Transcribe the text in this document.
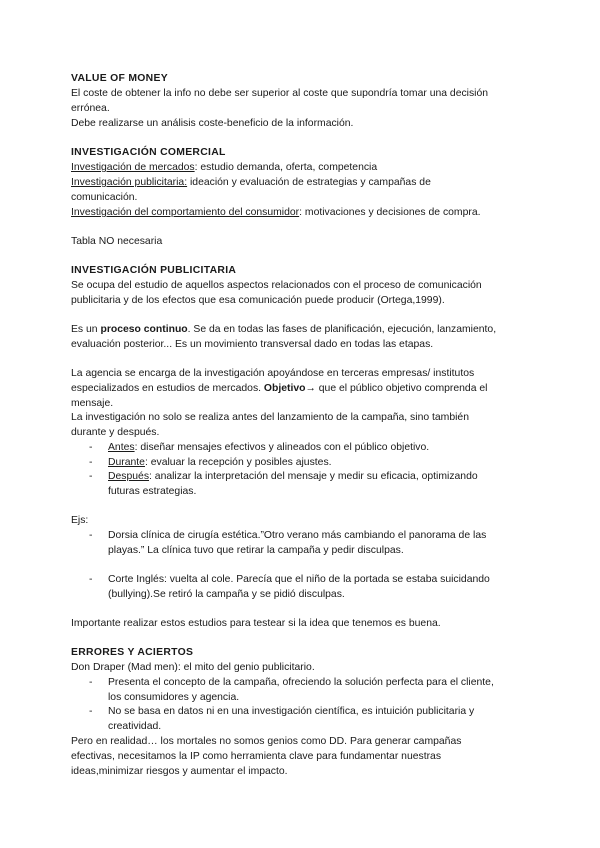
VALUE OF MONEY
El coste de obtener la info no debe ser superior al coste que supondría tomar una decisión
errónea.
Debe realizarse un análisis coste-beneficio de la información.
INVESTIGACIÓN COMERCIAL
Investigación de mercados: estudio demanda, oferta, competencia
Investigación publicitaria: ideación y evaluación de estrategias y campañas de
comunicación.
Investigación del comportamiento del consumidor: motivaciones y decisiones de compra.
Tabla NO necesaria
INVESTIGACIÓN PUBLICITARIA
Se ocupa del estudio de aquellos aspectos relacionados con el proceso de comunicación
publicitaria y de los efectos que esa comunicación puede producir (Ortega,1999).
Es un proceso continuo. Se da en todas las fases de planificación, ejecución, lanzamiento,
evaluación posterior... Es un movimiento transversal dado en todas las etapas.
La agencia se encarga de la investigación apoyándose en terceras empresas/ institutos
especializados en estudios de mercados. Objetivo→ que el público objetivo comprenda el
mensaje.
La investigación no solo se realiza antes del lanzamiento de la campaña, sino también
durante y después.
- Antes: diseñar mensajes efectivos y alineados con el público objetivo.
- Durante: evaluar la recepción y posibles ajustes.
- Después: analizar la interpretación del mensaje y medir su eficacia, optimizando
futuras estrategias.
Ejs:
- Dorsia clínica de cirugía estética.”Otro verano más cambiando el panorama de las
playas.” La clínica tuvo que retirar la campaña y pedir disculpas.
- Corte Inglés: vuelta al cole. Parecía que el niño de la portada se estaba suicidando
(bullying).Se retiró la campaña y se pidió disculpas.
Importante realizar estos estudios para testear si la idea que tenemos es buena.
ERRORES Y ACIERTOS
Don Draper (Mad men): el mito del genio publicitario.
- Presenta el concepto de la campaña, ofreciendo la solución perfecta para el cliente,
los consumidores y agencia.
- No se basa en datos ni en una investigación científica, es intuición publicitaria y
creatividad.
Pero en realidad… los mortales no somos genios como DD. Para generar campañas
efectivas, necesitamos la IP como herramienta clave para fundamentar nuestras
ideas,minimizar riesgos y aumentar el impacto.
